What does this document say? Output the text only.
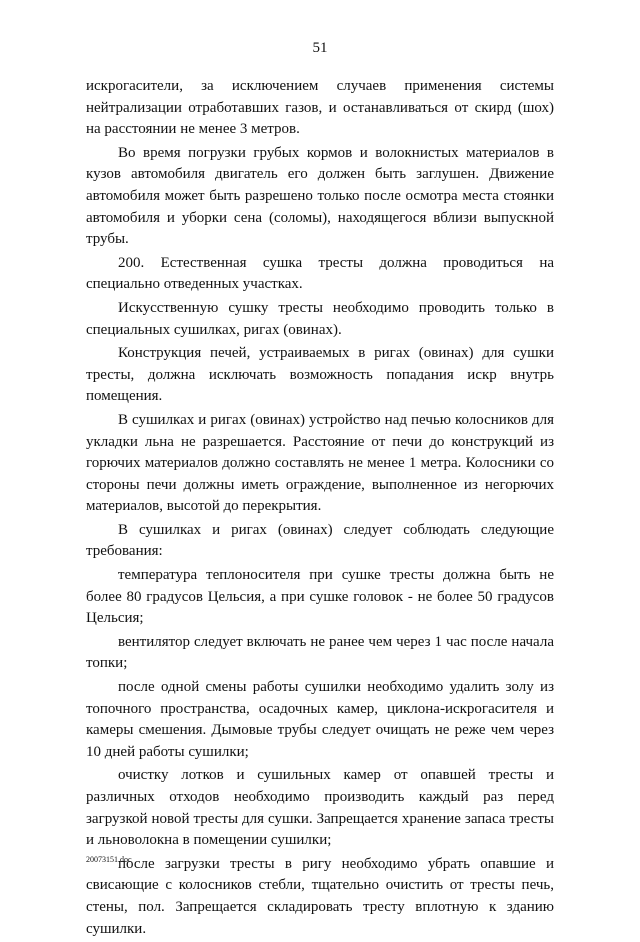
51

искрогасители, за исключением случаев применения системы нейтрализации отработавших газов, и останавливаться от скирд (шох) на расстоянии не менее 3 метров.

Во время погрузки грубых кормов и волокнистых материалов в кузов автомобиля двигатель его должен быть заглушен. Движение автомобиля может быть разрешено только после осмотра места стоянки автомобиля и уборки сена (соломы), находящегося вблизи выпускной трубы.

200. Естественная сушка тресты должна проводиться на специально отведенных участках.

Искусственную сушку тресты необходимо проводить только в специальных сушилках, ригах (овинах).

Конструкция печей, устраиваемых в ригах (овинах) для сушки тресты, должна исключать возможность попадания искр внутрь помещения.

В сушилках и ригах (овинах) устройство над печью колосников для укладки льна не разрешается. Расстояние от печи до конструкций из горючих материалов должно составлять не менее 1 метра. Колосники со стороны печи должны иметь ограждение, выполненное из негорючих материалов, высотой до перекрытия.

В сушилках и ригах (овинах) следует соблюдать следующие требования:

температура теплоносителя при сушке тресты должна быть не более 80 градусов Цельсия, а при сушке головок - не более 50 градусов Цельсия;

вентилятор следует включать не ранее чем через 1 час после начала топки;

после одной смены работы сушилки необходимо удалить золу из топочного пространства, осадочных камер, циклона-искрогасителя и камеры смешения. Дымовые трубы следует очищать не реже чем через 10 дней работы сушилки;

очистку лотков и сушильных камер от опавшей тресты и различных отходов необходимо производить каждый раз перед загрузкой новой тресты для сушки. Запрещается хранение запаса тресты и льноволокна в помещении сушилки;

после загрузки тресты в ригу необходимо убрать опавшие и свисающие с колосников стебли, тщательно очистить от тресты печь, стены, пол. Запрещается складировать тресту вплотную к зданию сушилки.

20073151.doc
